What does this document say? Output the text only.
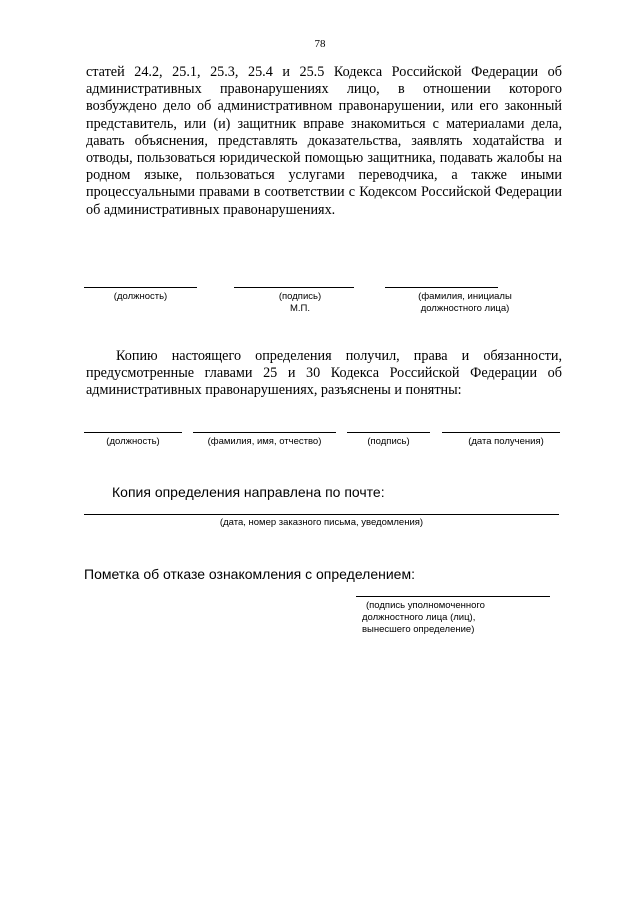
78
статей 24.2, 25.1, 25.3, 25.4 и 25.5 Кодекса Российской Федерации об административных правонарушениях лицо, в отношении которого возбуждено дело об административном правонарушении, или его законный представитель, или (и) защитник вправе знакомиться с материалами дела, давать объяснения, представлять доказательства, заявлять ходатайства и отводы, пользоваться юридической помощью защитника, подавать жалобы на родном языке, пользоваться услугами переводчика, а также иными процессуальными правами в соответствии с Кодексом Российской Федерации об административных правонарушениях.
(должность)	(подпись)
М.П.
(фамилия, инициалы
должностного лица)
Копию настоящего определения получил, права и обязанности, предусмотренные главами 25 и 30 Кодекса Российской Федерации об административных правонарушениях, разъяснены и понятны:
(должность)	(фамилия, имя, отчество)	(подпись)	(дата получения)
Копия определения направлена по почте:
(дата, номер заказного письма, уведомления)
Пометка об отказе ознакомления с определением:
(подпись уполномоченного
должностного лица (лиц),
вынесшего определение)
